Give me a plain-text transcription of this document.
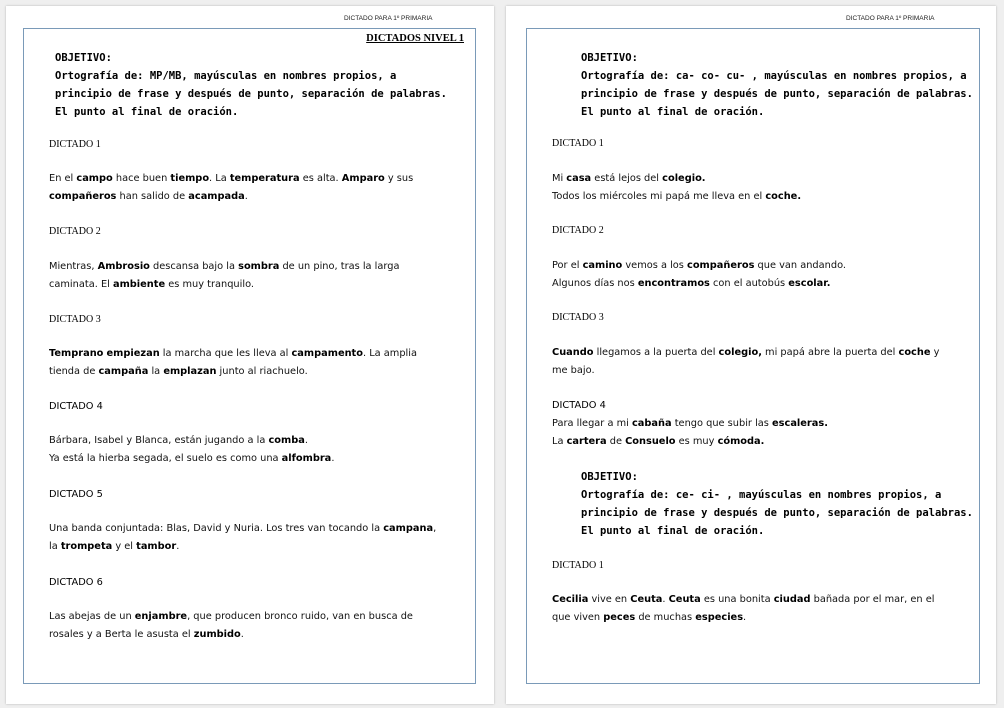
DICTADO PARA 1º PRIMARIA
DICTADOS NIVEL 1
OBJETIVO:
Ortografía de: MP/MB, mayúsculas en nombres propios, a
principio de frase y después de punto, separación de palabras.
El punto al final de oración.
DICTADO 1
En el campo hace buen tiempo. La temperatura es alta. Amparo y sus
compañeros han salido de acampada.
DICTADO 2
Mientras, Ambrosio descansa bajo la sombra de un pino, tras la larga
caminata. El ambiente es muy tranquilo.
DICTADO 3
Temprano empiezan la marcha que les lleva al campamento. La amplia
tienda de campaña la emplazan junto al riachuelo.
DICTADO 4
Bárbara, Isabel y Blanca, están jugando a la comba.
Ya está la hierba segada, el suelo es como una alfombra.
DICTADO 5
Una banda conjuntada: Blas, David y Nuria. Los tres van tocando la campana,
la trompeta y el tambor.
DICTADO 6
Las abejas de un enjambre, que producen bronco ruido, van en busca de
rosales y a Berta le asusta el zumbido.
DICTADO PARA 1º PRIMARIA
OBJETIVO:
Ortografía de: ca- co- cu- , mayúsculas en nombres propios, a
principio de frase y después de punto, separación de palabras.
El punto al final de oración.
DICTADO 1
Mi casa está lejos del colegio.
Todos los miércoles mi papá me lleva en el coche.
DICTADO 2
Por el camino vemos a los compañeros que van andando.
Algunos días nos encontramos con el autobús escolar.
DICTADO 3
Cuando llegamos a la puerta del colegio, mi papá abre la puerta del coche y
me bajo.
DICTADO 4
Para llegar a mi cabaña tengo que subir las escaleras.
La cartera de Consuelo es muy cómoda.
OBJETIVO:
Ortografía de: ce- ci- , mayúsculas en nombres propios, a
principio de frase y después de punto, separación de palabras.
El punto al final de oración.
DICTADO 1
Cecilia vive en Ceuta. Ceuta es una bonita ciudad bañada por el mar, en el
que viven peces de muchas especies.
